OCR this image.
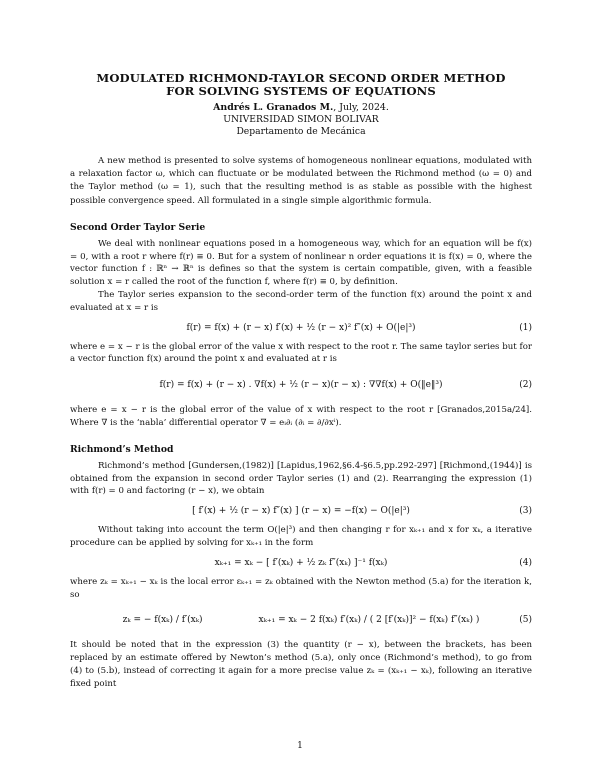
MODULATED RICHMOND-TAYLOR SECOND ORDER METHOD
FOR SOLVING SYSTEMS OF EQUATIONS
Andrés L. Granados M., July, 2024.
UNIVERSIDAD SIMON BOLIVAR
Departamento de Mecánica

A new method is presented to solve systems of homogeneous nonlinear equations, modulated with a relaxation factor ω, which can fluctuate or be modulated between the Richmond method (ω = 0) and the Taylor method (ω = 1), such that the resulting method is as stable as possible with the highest possible convergence speed. All formulated in a single simple algorithmic formula.

Second Order Taylor Serie

We deal with nonlinear equations posed in a homogeneous way, which for an equation will be f(x) = 0, with a root r where f(r) ≡ 0. But for a system of nonlinear n order equations it is f(x) = 0, where the vector function f : ℝⁿ → ℝⁿ is defines so that the system is certain compatible, given, with a feasible solution x = r called the root of the function f, where f(r) ≡ 0, by definition.

The Taylor series expansion to the second-order term of the function f(x) around the point x and evaluated at x = r is

f(r) = f(x) + (r − x) f′(x) + ½ (r − x)² f″(x) + O(|e|³)	(1)

where e = x − r is the global error of the value x with respect to the root r. The same taylor series but for a vector function f(x) around the point x and evaluated at r is

f(r) = f(x) + (r − x) . ∇f(x) + ½ (r − x)(r − x) : ∇∇f(x) + O(‖e‖³)	(2)

where e = x − r is the global error of the value of x with respect to the root r [Granados,2015a/24]. Where ∇ is the ‘nabla’ differential operator ∇ = eᵢ∂ᵢ (∂ᵢ = ∂/∂xⁱ).

Richmond’s Method

Richmond’s method [Gundersen,(1982)] [Lapidus,1962,§6.4-§6.5,pp.292-297] [Richmond,(1944)] is obtained from the expansion in second order Taylor series (1) and (2). Rearranging the expression (1) with f(r) = 0 and factoring (r − x), we obtain

[ f′(x) + ½ (r − x) f″(x) ] (r − x) = −f(x) − O(|e|³)	(3)

Without taking into account the term O(|e|³) and then changing r for xₖ₊₁ and x for xₖ, a iterative procedure can be applied by solving for xₖ₊₁ in the form

xₖ₊₁ = xₖ − [ f′(xₖ) + ½ zₖ f″(xₖ) ]⁻¹ f(xₖ)	(4)

where zₖ = xₖ₊₁ − xₖ is the local error εₖ₊₁ = zₖ obtained with the Newton method (5.a) for the iteration k, so

zₖ = − f(xₖ) / f′(xₖ)	xₖ₊₁ = xₖ − 2 f(xₖ) f′(xₖ) / ( 2 [f′(xₖ)]² − f(xₖ) f″(xₖ) )	(5)

It should be noted that in the expression (3) the quantity (r − x), between the brackets, has been replaced by an estimate offered by Newton’s method (5.a), only once (Richmond’s method), to go from (4) to (5.b), instead of correcting it again for a more precise value zₖ = (xₖ₊₁ − xₖ), following an iterative fixed point

1
